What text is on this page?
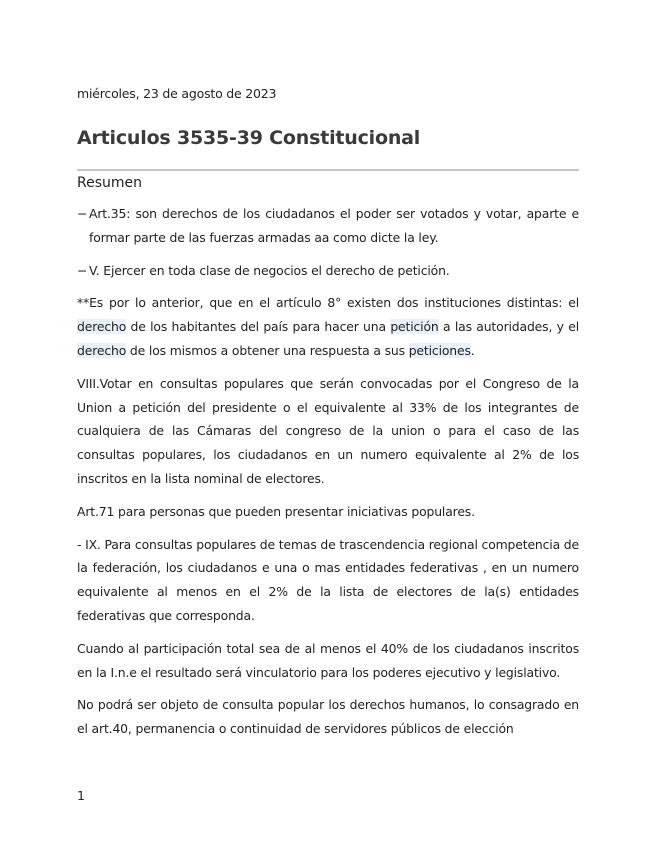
miércoles, 23 de agosto de 2023
Articulos 3535-39 Constitucional
Resumen

− Art.35: son derechos de los ciudadanos el poder ser votados y votar, aparte e formar parte de las fuerzas armadas aa como dicte la ley.

− V. Ejercer en toda clase de negocios el derecho de petición.

**Es por lo anterior, que en el artículo 8° existen dos instituciones distintas: el derecho de los habitantes del país para hacer una petición a las autoridades, y el derecho de los mismos a obtener una respuesta a sus peticiones.

VIII.Votar en consultas populares que serán convocadas por el Congreso de la Union a petición del presidente o el equivalente al 33% de los integrantes de cualquiera de las Cámaras del congreso de la union o para el caso de las consultas populares, los ciudadanos en un numero equivalente al 2% de los inscritos en la lista nominal de electores.

Art.71 para personas que pueden presentar iniciativas populares.

- IX. Para consultas populares de temas de trascendencia regional competencia de la federación, los ciudadanos e una o mas entidades federativas , en un numero equivalente al menos en el 2% de la lista de electores de la(s) entidades federativas que corresponda.

Cuando al participación total sea de al menos el 40% de los ciudadanos inscritos en la I.n.e el resultado será vinculatorio para los poderes ejecutivo y legislativo.

No podrá ser objeto de consulta popular los derechos humanos, lo consagrado en el art.40, permanencia o continuidad de servidores públicos de elección

1
